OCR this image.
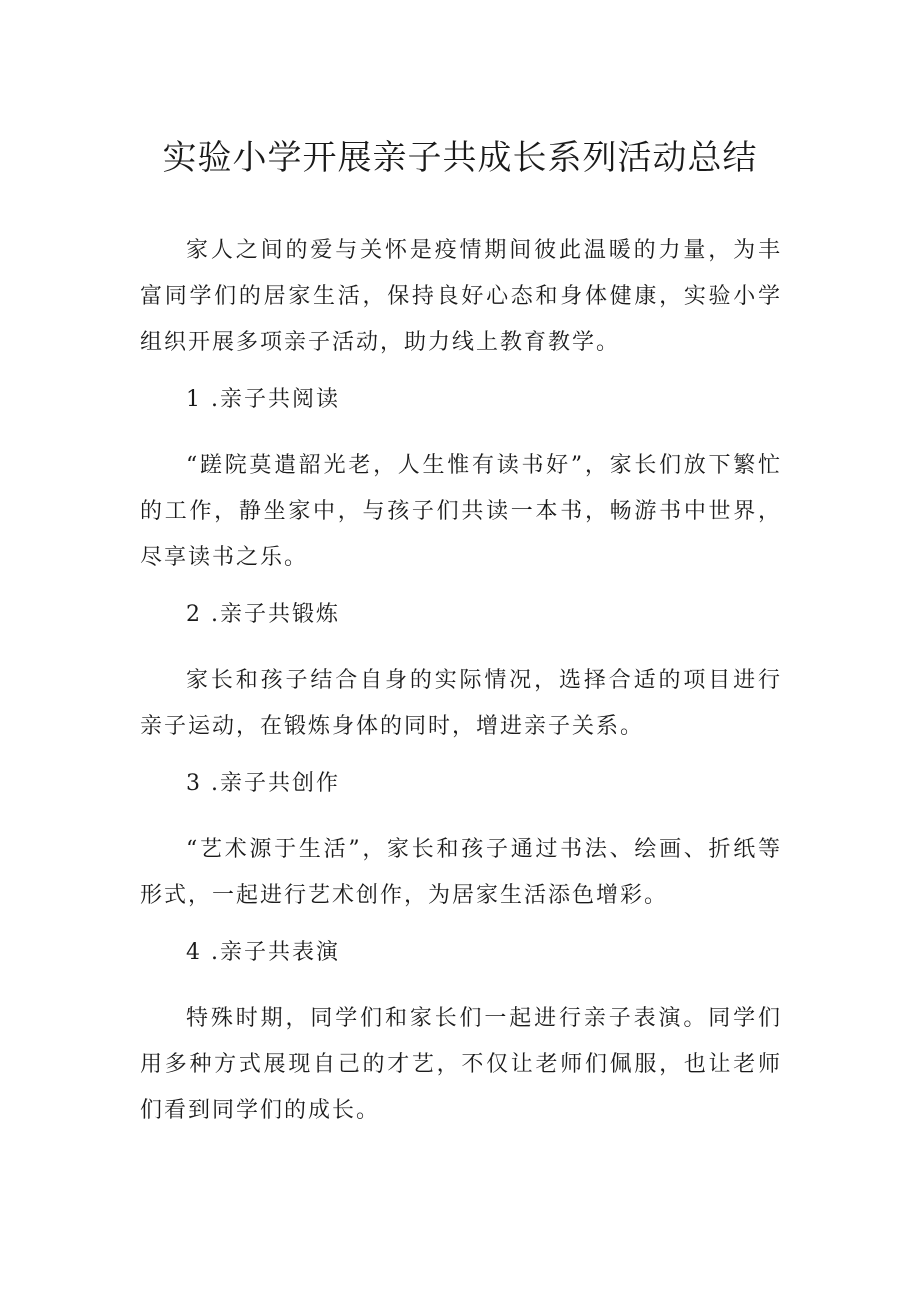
实验小学开展亲子共成长系列活动总结

家人之间的爱与关怀是疫情期间彼此温暖的力量，为丰富同学们的居家生活，保持良好心态和身体健康，实验小学组织开展多项亲子活动，助力线上教育教学。

1 .亲子共阅读

“蹉院莫遣韶光老，人生惟有读书好”，家长们放下繁忙的工作，静坐家中，与孩子们共读一本书，畅游书中世界，尽享读书之乐。

2 .亲子共锻炼

家长和孩子结合自身的实际情况，选择合适的项目进行亲子运动，在锻炼身体的同时，增进亲子关系。

3 .亲子共创作

“艺术源于生活”，家长和孩子通过书法、绘画、折纸等形式，一起进行艺术创作，为居家生活添色增彩。

4 .亲子共表演

特殊时期，同学们和家长们一起进行亲子表演。同学们用多种方式展现自己的才艺，不仅让老师们佩服，也让老师们看到同学们的成长。
